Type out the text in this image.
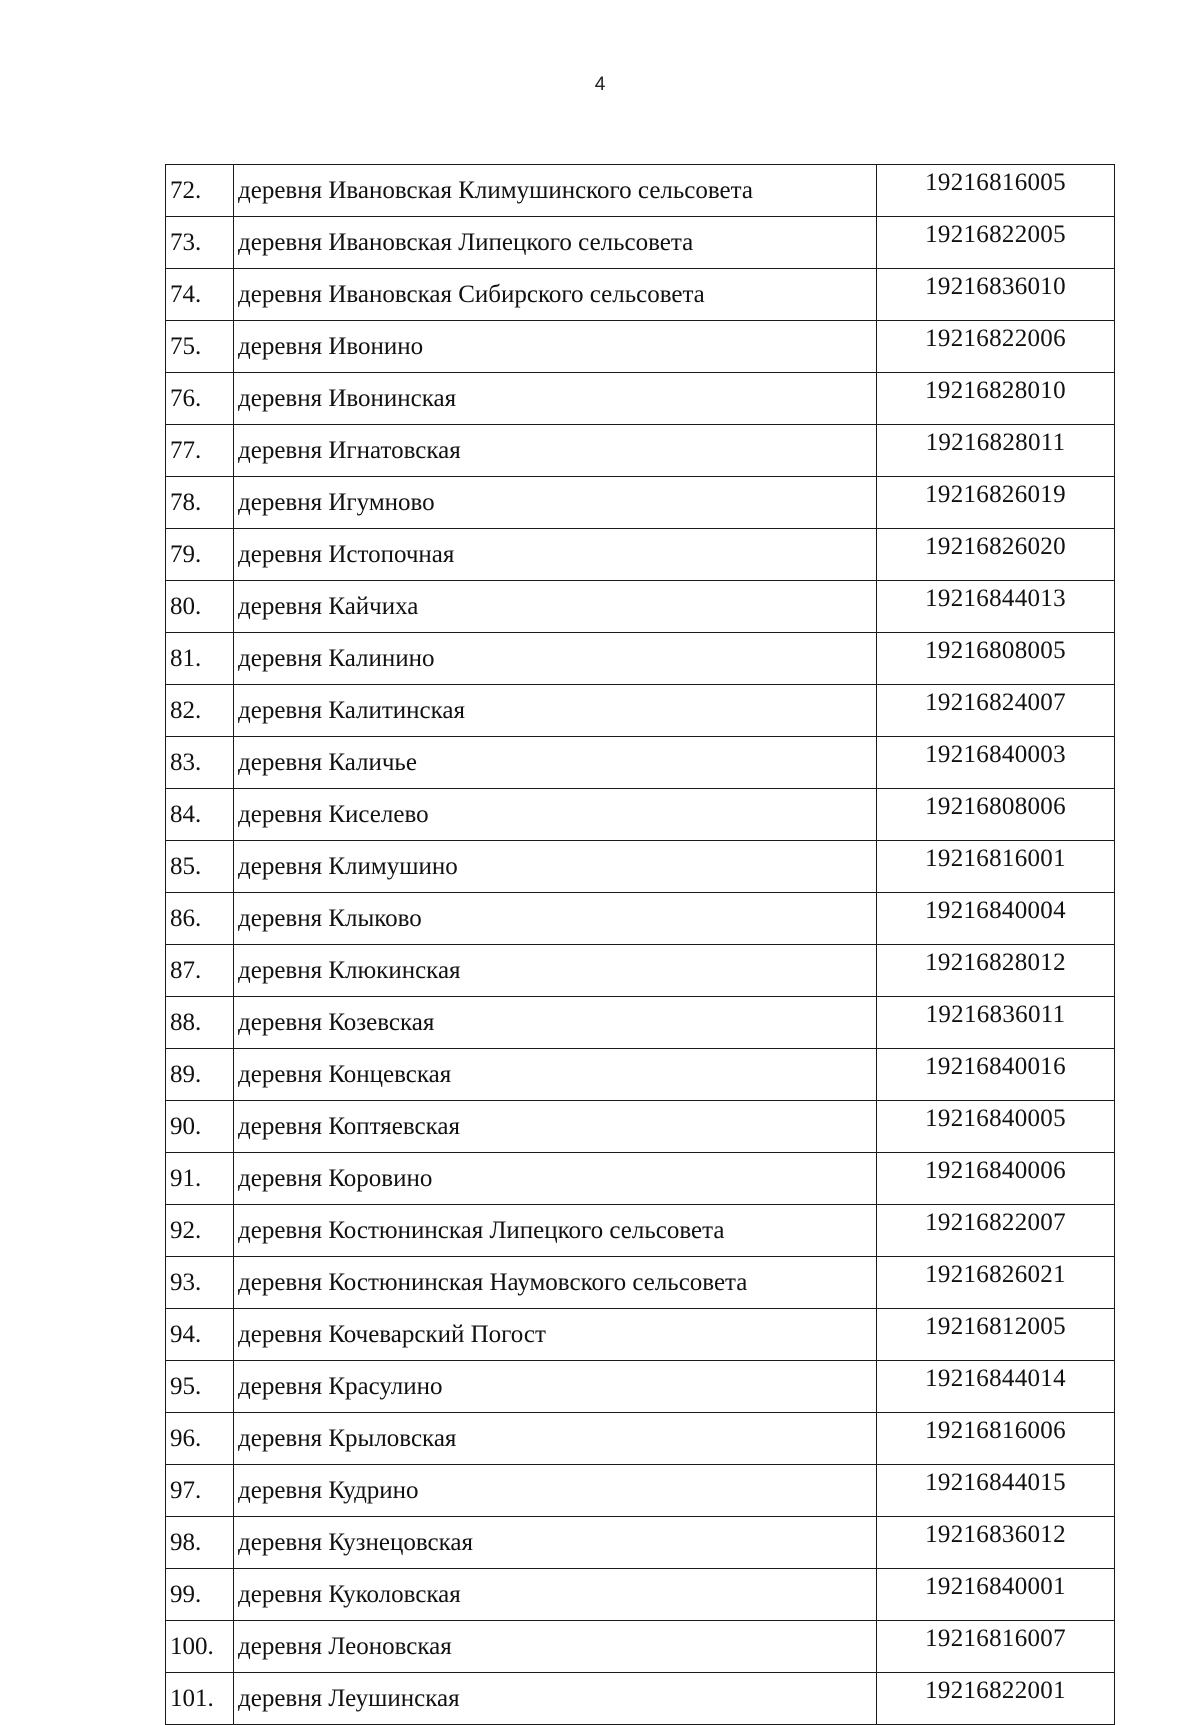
4
72.	деревня Ивановская Климушинского сельсовета	19216816005
73.	деревня Ивановская Липецкого сельсовета	19216822005
74.	деревня Ивановская Сибирского сельсовета	19216836010
75.	деревня Ивонино	19216822006
76.	деревня Ивонинская	19216828010
77.	деревня Игнатовская	19216828011
78.	деревня Игумново	19216826019
79.	деревня Истопочная	19216826020
80.	деревня Кайчиха	19216844013
81.	деревня Калинино	19216808005
82.	деревня Калитинская	19216824007
83.	деревня Каличье	19216840003
84.	деревня Киселево	19216808006
85.	деревня Климушино	19216816001
86.	деревня Клыково	19216840004
87.	деревня Клюкинская	19216828012
88.	деревня Козевская	19216836011
89.	деревня Концевская	19216840016
90.	деревня Коптяевская	19216840005
91.	деревня Коровино	19216840006
92.	деревня Костюнинская Липецкого сельсовета	19216822007
93.	деревня Костюнинская Наумовского сельсовета	19216826021
94.	деревня Кочеварский Погост	19216812005
95.	деревня Красулино	19216844014
96.	деревня Крыловская	19216816006
97.	деревня Кудрино	19216844015
98.	деревня Кузнецовская	19216836012
99.	деревня Куколовская	19216840001
100.	деревня Леоновская	19216816007
101.	деревня Леушинская	19216822001
